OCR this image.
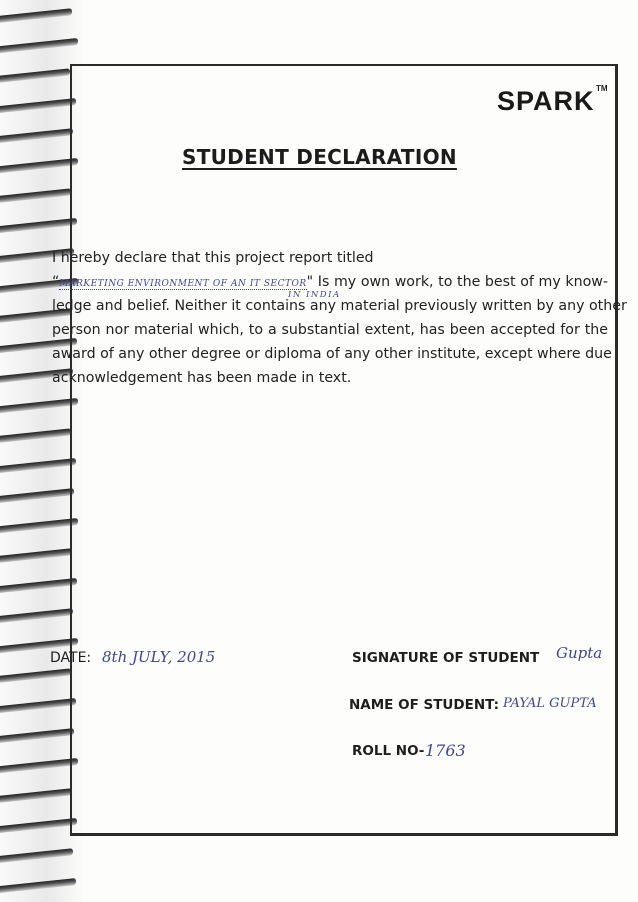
SPARK TM
STUDENT DECLARATION
I hereby declare that this project report titled
“MARKETING ENVIRONMENT OF AN IT SECTOR" Is my own work, to the best of my know-
IN INDIA
ledge and belief. Neither it contains any material previously written by any other
person nor material which, to a substantial extent, has been accepted for the
award of any other degree or diploma of any other institute, except where due
acknowledgement has been made in text.
DATE: 8th JULY, 2015	SIGNATURE OF STUDENT Gupta
NAME OF STUDENT: PAYAL GUPTA
ROLL NO- 1763
